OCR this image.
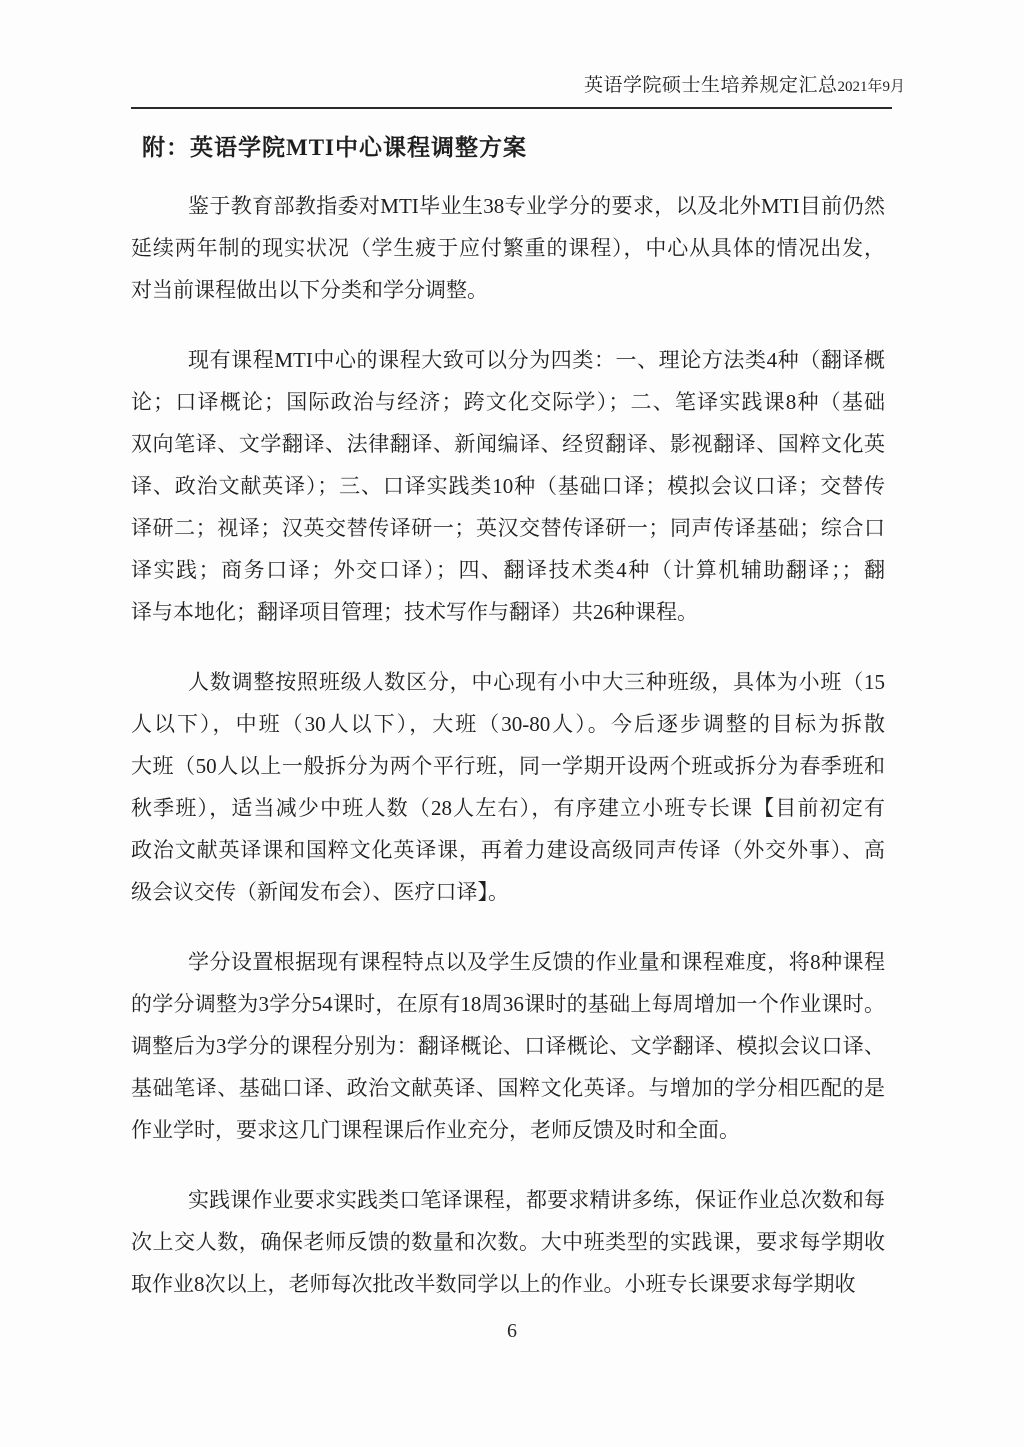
英语学院硕士生培养规定汇总2021年9月
附：英语学院MTI中心课程调整方案
鉴于教育部教指委对MTI毕业生38专业学分的要求，以及北外MTI目前仍然
延续两年制的现实状况（学生疲于应付繁重的课程），中心从具体的情况出发，
对当前课程做出以下分类和学分调整。
现有课程MTI中心的课程大致可以分为四类：一、理论方法类4种（翻译概
论；口译概论；国际政治与经济；跨文化交际学）；二、笔译实践课8种（基础
双向笔译、文学翻译、法律翻译、新闻编译、经贸翻译、影视翻译、国粹文化英
译、政治文献英译）；三、口译实践类10种（基础口译；模拟会议口译；交替传
译研二；视译；汉英交替传译研一；英汉交替传译研一；同声传译基础；综合口
译实践；商务口译；外交口译）；四、翻译技术类4种（计算机辅助翻译；；翻
译与本地化；翻译项目管理；技术写作与翻译）共26种课程。
人数调整按照班级人数区分，中心现有小中大三种班级，具体为小班（15
人以下），中班（30人以下），大班（30-80人）。今后逐步调整的目标为拆散
大班（50人以上一般拆分为两个平行班，同一学期开设两个班或拆分为春季班和
秋季班），适当减少中班人数（28人左右），有序建立小班专长课【目前初定有
政治文献英译课和国粹文化英译课，再着力建设高级同声传译（外交外事）、高
级会议交传（新闻发布会）、医疗口译】。
学分设置根据现有课程特点以及学生反馈的作业量和课程难度，将8种课程
的学分调整为3学分54课时，在原有18周36课时的基础上每周增加一个作业课时。
调整后为3学分的课程分别为：翻译概论、口译概论、文学翻译、模拟会议口译、
基础笔译、基础口译、政治文献英译、国粹文化英译。与增加的学分相匹配的是
作业学时，要求这几门课程课后作业充分，老师反馈及时和全面。
实践课作业要求实践类口笔译课程，都要求精讲多练，保证作业总次数和每
次上交人数，确保老师反馈的数量和次数。大中班类型的实践课，要求每学期收
取作业8次以上，老师每次批改半数同学以上的作业。小班专长课要求每学期收
6
